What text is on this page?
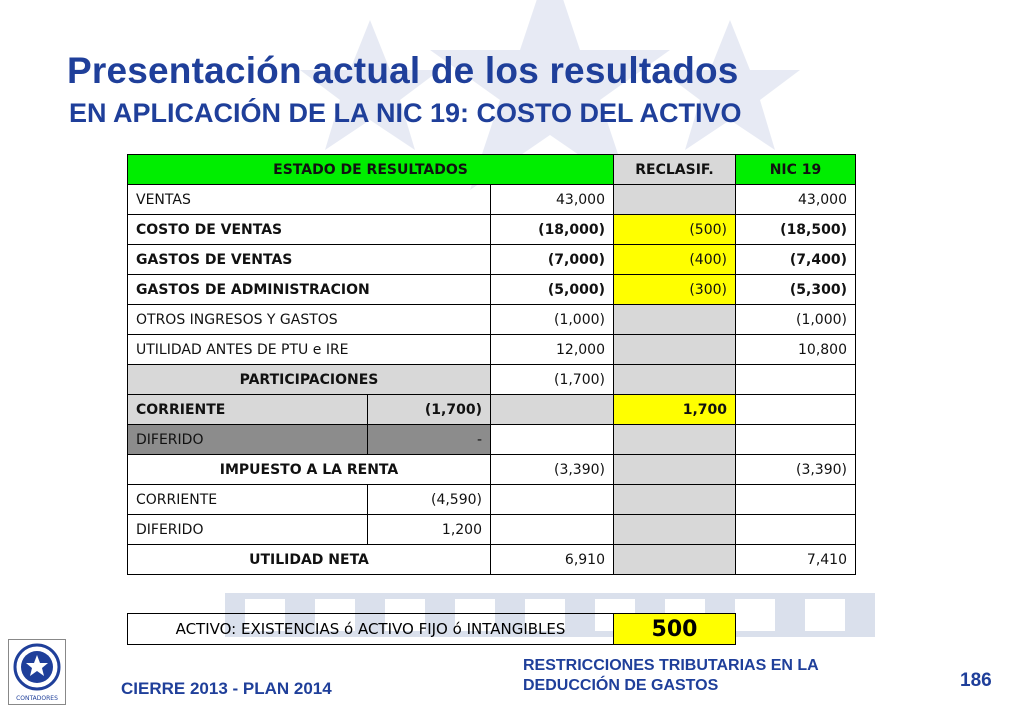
Presentación actual de los resultados
EN APLICACIÓN DE LA NIC 19: COSTO DEL ACTIVO
ESTADO DE RESULTADOS			RECLASIF.	NIC 19
VENTAS		43,000		43,000
COSTO DE VENTAS		(18,000)	(500)	(18,500)
GASTOS DE VENTAS		(7,000)	(400)	(7,400)
GASTOS DE ADMINISTRACION		(5,000)	(300)	(5,300)
OTROS INGRESOS Y GASTOS		(1,000)		(1,000)
UTILIDAD ANTES DE PTU e IRE		12,000		10,800
PARTICIPACIONES		(1,700)		
CORRIENTE	(1,700)		1,700	
DIFERIDO	-			
IMPUESTO A LA RENTA		(3,390)		(3,390)
CORRIENTE	(4,590)			
DIFERIDO	1,200			
UTILIDAD NETA		6,910		7,410
ACTIVO: EXISTENCIAS ó ACTIVO FIJO ó INTANGIBLES	500
CONTADORES
CIERRE 2013 - PLAN 2014
RESTRICCIONES TRIBUTARIAS EN LA
DEDUCCIÓN DE GASTOS	186
